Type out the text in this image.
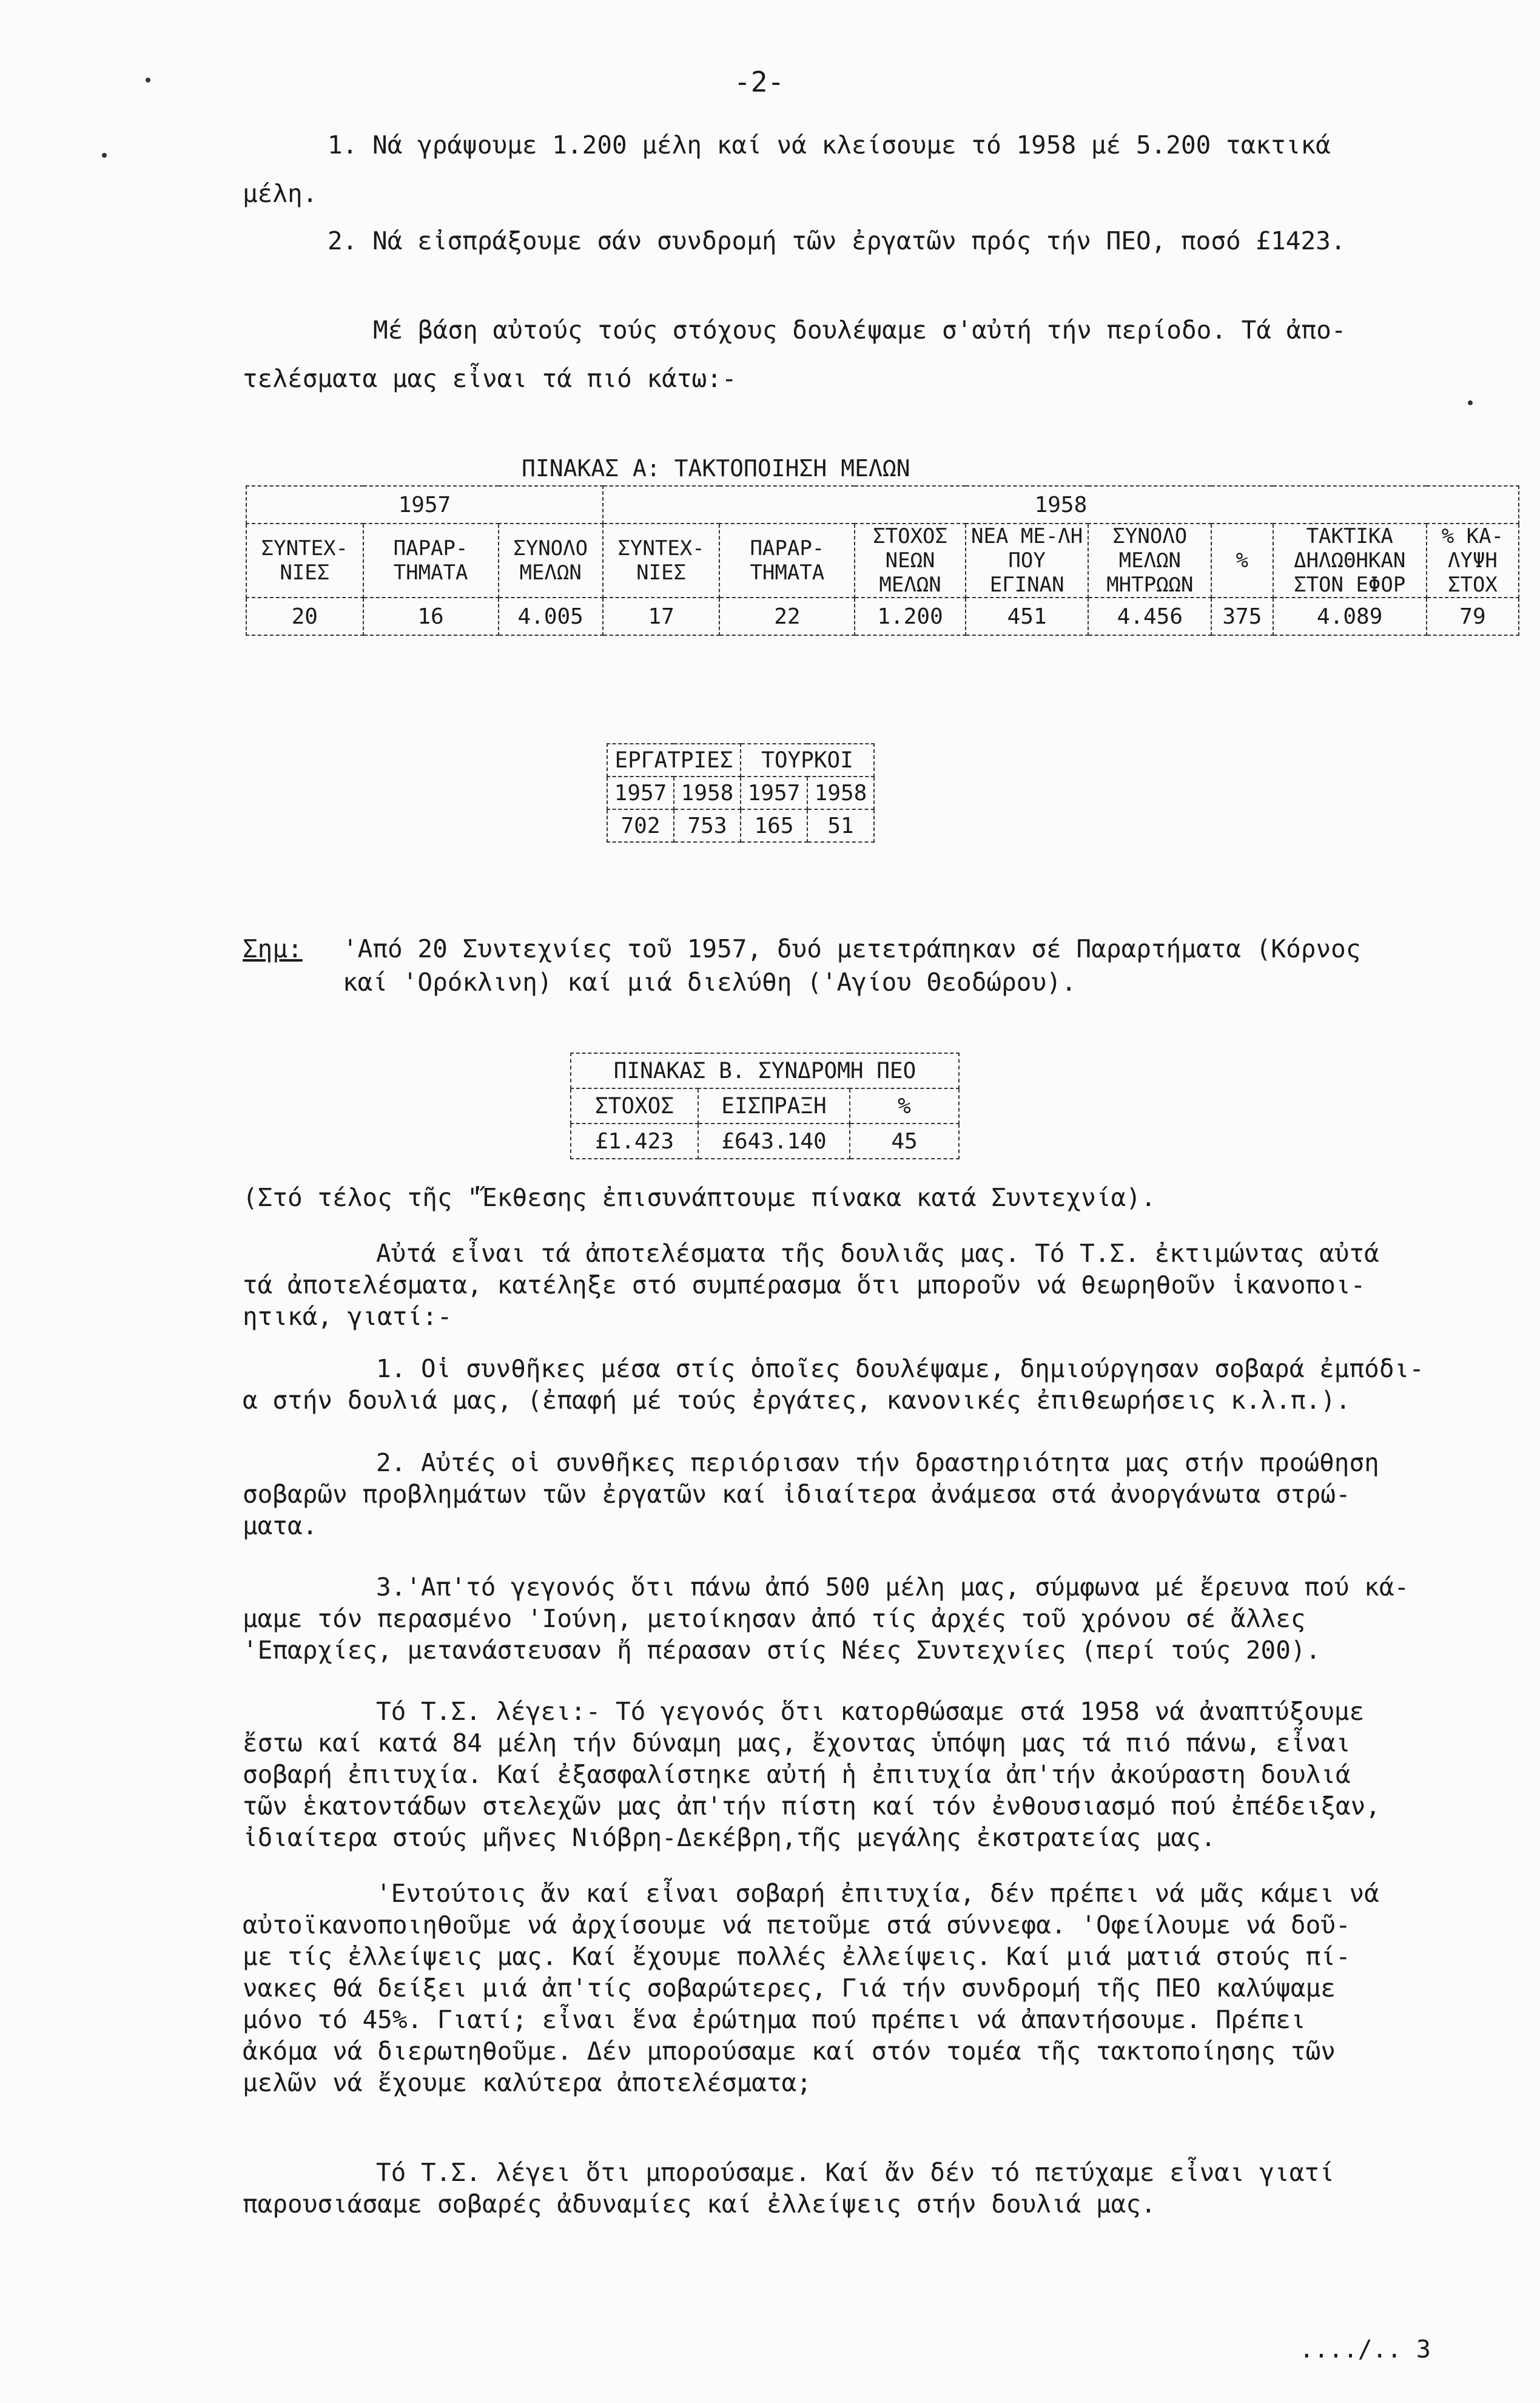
-2-
1. Νά γράψουμε 1.200 μέλη καί νά κλείσουμε τό 1958 μέ 5.200 τακτικά
μέλη.
2. Νά εἰσπράξουμε σάν συνδρομή τῶν ἐργατῶν πρός τήν ΠΕΟ, ποσό £1423.
Μέ βάση αὐτούς τούς στόχους δουλέψαμε σ'αὐτή τήν περίοδο. Τά ἀπο-
τελέσματα μας εἶναι τά πιό κάτω:-
ΠΙΝΑΚΑΣ Α: ΤΑΚΤΟΠΟΙΗΣΗ ΜΕΛΩΝ
1957			1958							
ΣΥΝΤΕΧ-ΝΙΕΣ	ΠΑΡΑΡ-ΤΗΜΑΤΑ	ΣΥΝΟΛΟ ΜΕΛΩΝ	ΣΥΝΤΕΧ-ΝΙΕΣ	ΠΑΡΑΡ-ΤΗΜΑΤΑ	ΣΤΟΧΟΣ ΝΕΩΝ ΜΕΛΩΝ	ΝΕΑ ΜΕ-ΛΗ ΠΟΥ ΕΓΙΝΑΝ	ΣΥΝΟΛΟ ΜΕΛΩΝ ΜΗΤΡΩΩΝ	%	ΤΑΚΤΙΚΑ ΔΗΛΩΘΗΚΑΝ ΣΤΟΝ ΕΦΟΡ	% ΚΑ-ΛΥΨΗ ΣΤΟΧ
20	16	4.005	17	22	1.200	451	4.456	375	4.089	79
ΕΡΓΑΤΡΙΕΣ		ΤΟΥΡΚΟΙ	
1957	1958	1957	1958
702	753	165	51
Σημ: 'Από 20 Συντεχνίες τοῦ 1957, δυό μετετράπηκαν σέ Παραρτήματα (Κόρνος
καί 'Ορόκλινη) καί μιά διελύθη ('Αγίου Θεοδώρου).
ΠΙΝΑΚΑΣ Β. ΣΥΝΔΡΟΜΗ ΠΕΟ		
ΣΤΟΧΟΣ	ΕΙΣΠΡΑΞΗ	%
£1.423	£643.140	45
(Στό τέλος τῆς "Ἔκθεσης ἐπισυνάπτουμε πίνακα κατά Συντεχνία).
Αὐτά εἶναι τά ἀποτελέσματα τῆς δουλιᾶς μας. Τό Τ.Σ. ἐκτιμώντας αὐτά
τά ἀποτελέσματα, κατέληξε στό συμπέρασμα ὅτι μποροῦν νά θεωρηθοῦν ἱκανοποι-
ητικά, γιατί:-
1. Οἱ συνθῆκες μέσα στίς ὁποῖες δουλέψαμε, δημιούργησαν σοβαρά ἐμπόδι-
α στήν δουλιά μας, (ἐπαφή μέ τούς ἐργάτες, κανονικές ἐπιθεωρήσεις κ.λ.π.).
2. Αὐτές οἱ συνθῆκες περιόρισαν τήν δραστηριότητα μας στήν προώθηση
σοβαρῶν προβλημάτων τῶν ἐργατῶν καί ἰδιαίτερα ἀνάμεσα στά ἀνοργάνωτα στρώ-
ματα.
3.'Απ'τό γεγονός ὅτι πάνω ἀπό 500 μέλη μας, σύμφωνα μέ ἔρευνα πού κά-
μαμε τόν περασμένο 'Ιούνη, μετοίκησαν ἀπό τίς ἀρχές τοῦ χρόνου σέ ἄλλες
'Επαρχίες, μετανάστευσαν ἤ πέρασαν στίς Νέες Συντεχνίες (περί τούς 200).
Τό Τ.Σ. λέγει:- Τό γεγονός ὅτι κατορθώσαμε στά 1958 νά ἀναπτύξουμε
ἔστω καί κατά 84 μέλη τήν δύναμη μας, ἔχοντας ὑπόψη μας τά πιό πάνω, εἶναι
σοβαρή ἐπιτυχία. Καί ἐξασφαλίστηκε αὐτή ἡ ἐπιτυχία ἀπ'τήν ἀκούραστη δουλιά
τῶν ἑκατοντάδων στελεχῶν μας ἀπ'τήν πίστη καί τόν ἐνθουσιασμό πού ἐπέδειξαν,
ἰδιαίτερα στούς μῆνες Νιόβρη-Δεκέβρη,τῆς μεγάλης ἐκστρατείας μας.
'Εντούτοις ἄν καί εἶναι σοβαρή ἐπιτυχία, δέν πρέπει νά μᾶς κάμει νά
αὐτοϊκανοποιηθοῦμε νά ἀρχίσουμε νά πετοῦμε στά σύννεφα. 'Οφείλουμε νά δοῦ-
με τίς ἐλλείψεις μας. Καί ἔχουμε πολλές ἐλλείψεις. Καί μιά ματιά στούς πί-
νακες θά δείξει μιά ἀπ'τίς σοβαρώτερες, Γιά τήν συνδρομή τῆς ΠΕΟ καλύψαμε
μόνο τό 45%. Γιατί; εἶναι ἕνα ἐρώτημα πού πρέπει νά ἀπαντήσουμε. Πρέπει
ἀκόμα νά διερωτηθοῦμε. Δέν μπορούσαμε καί στόν τομέα τῆς τακτοποίησης τῶν
μελῶν νά ἔχουμε καλύτερα ἀποτελέσματα;
Τό Τ.Σ. λέγει ὅτι μπορούσαμε. Καί ἄν δέν τό πετύχαμε εἶναι γιατί
παρουσιάσαμε σοβαρές ἀδυναμίες καί ἐλλείψεις στήν δουλιά μας.
..../.. 3
